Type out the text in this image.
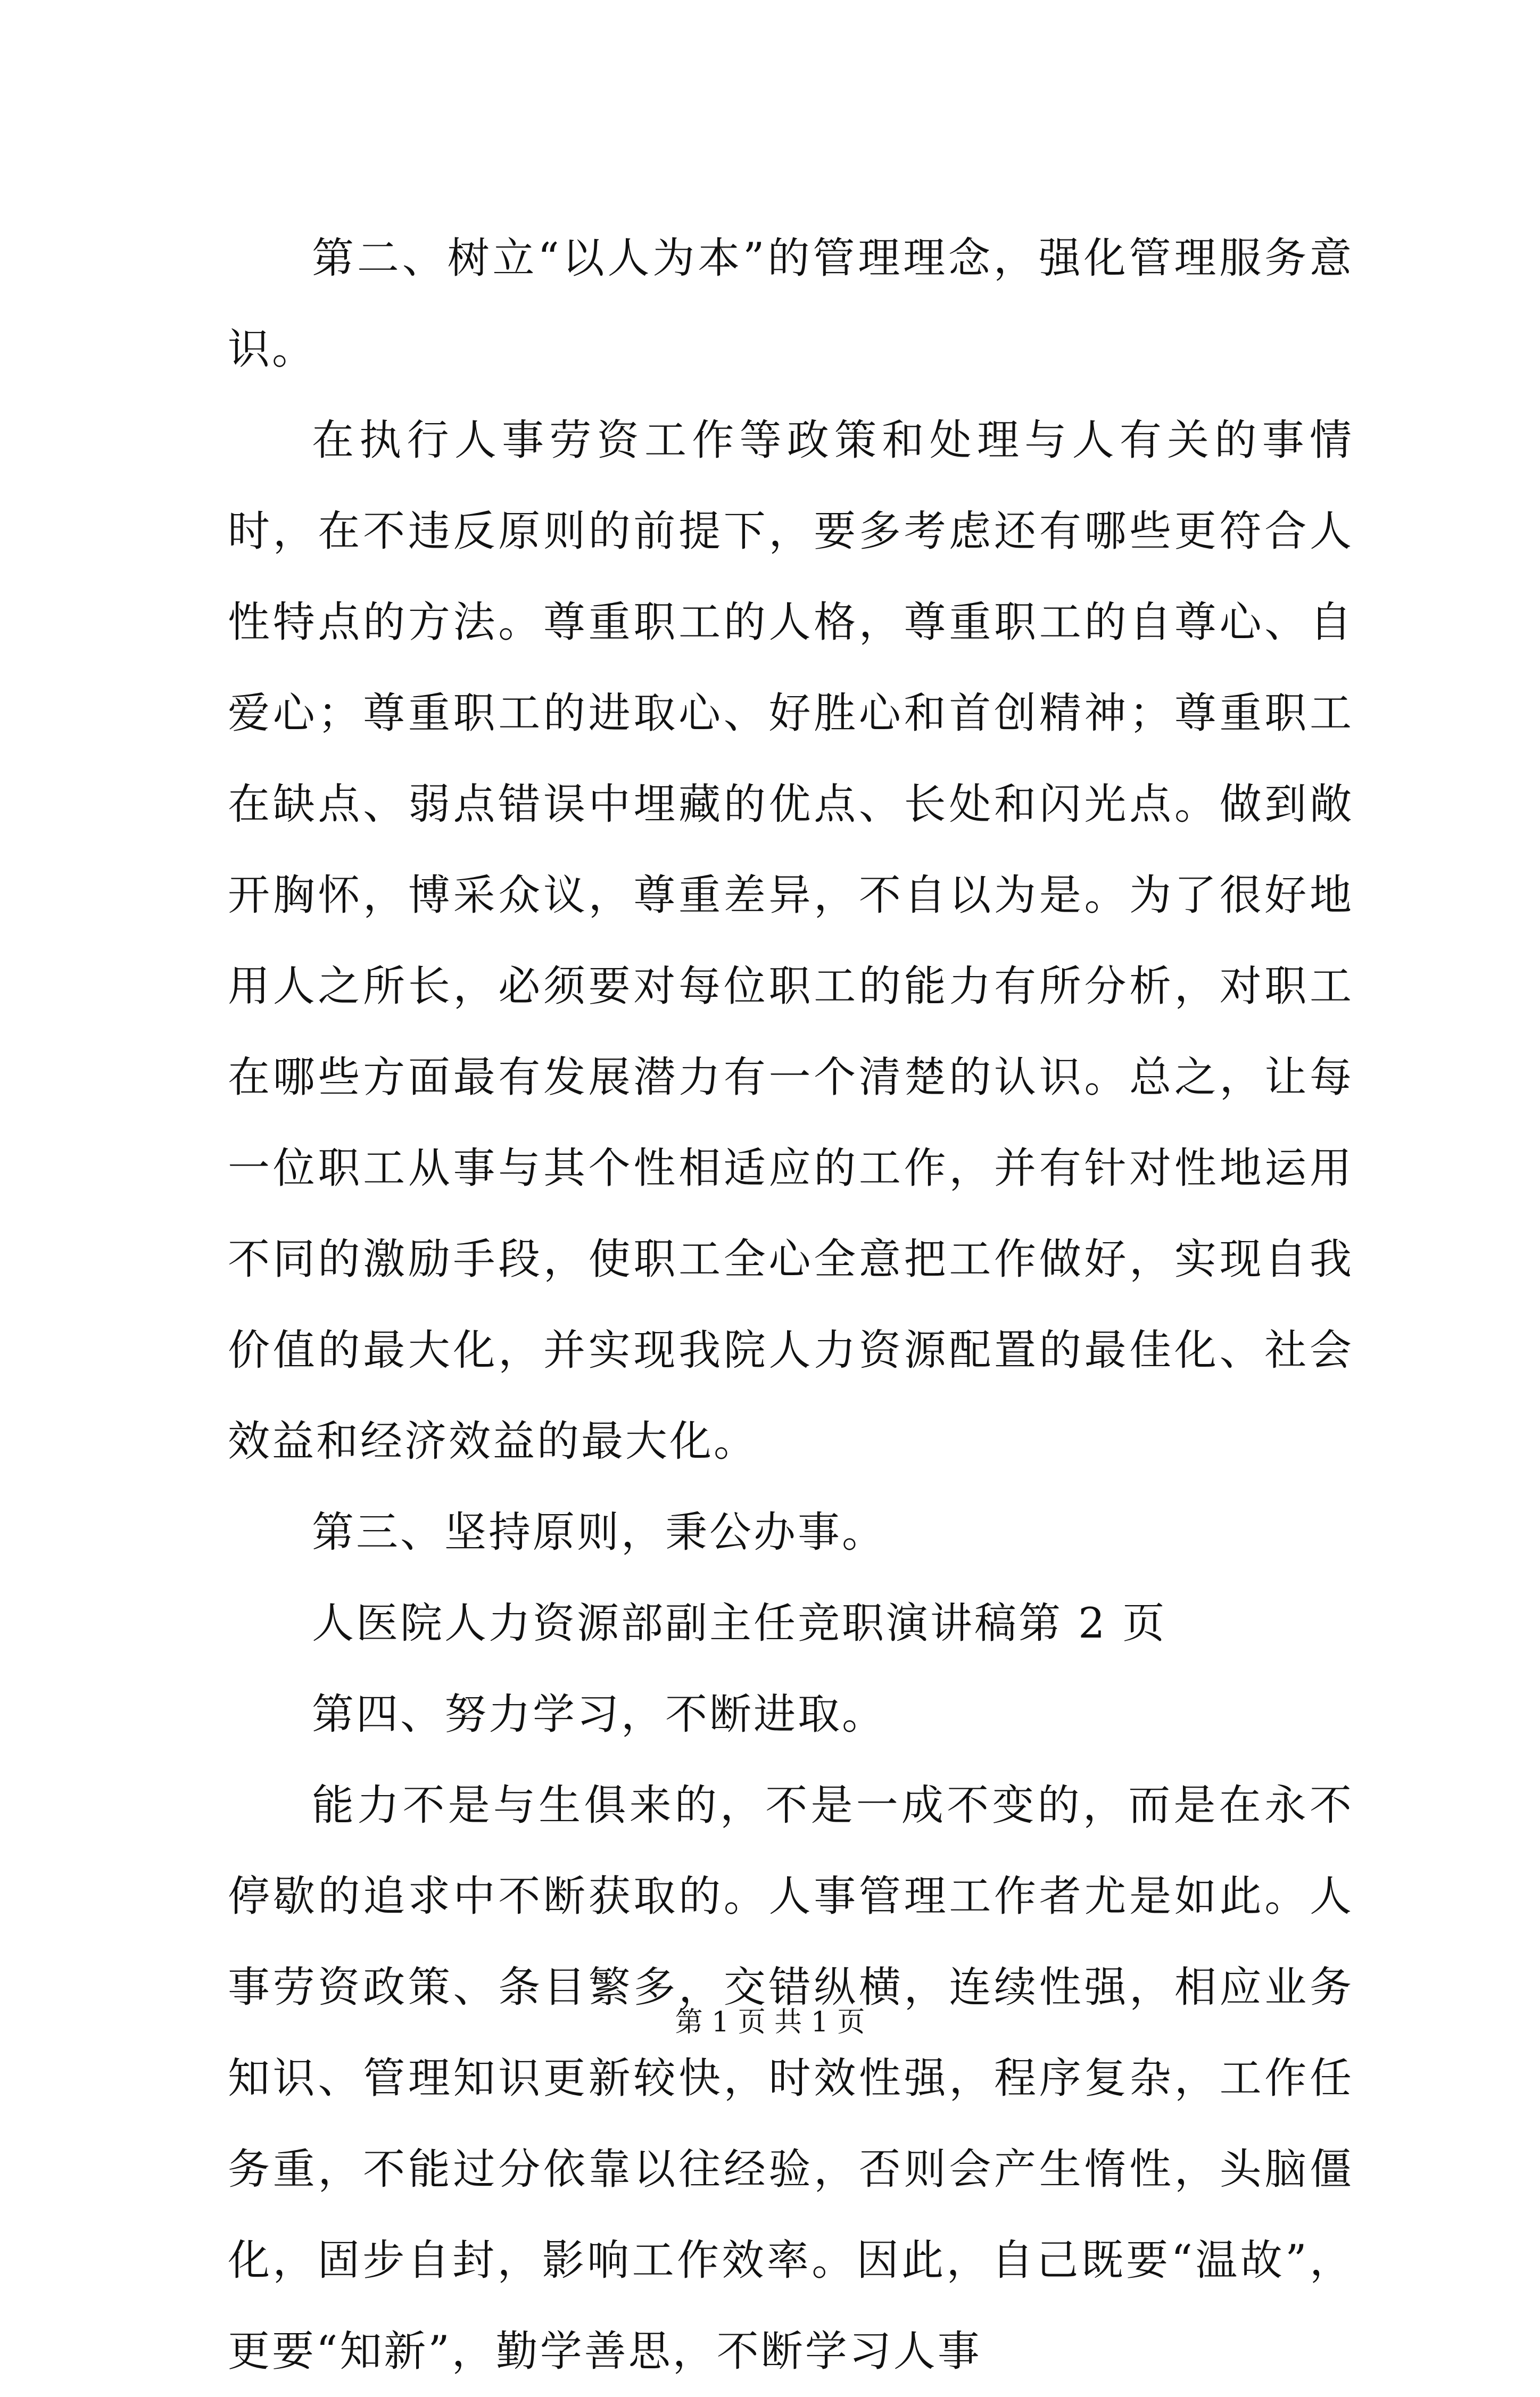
第二、树立“以人为本”的管理理念，强化管理服务意识。

在执行人事劳资工作等政策和处理与人有关的事情时，在不违反原则的前提下，要多考虑还有哪些更符合人性特点的方法。尊重职工的人格，尊重职工的自尊心、自爱心；尊重职工的进取心、好胜心和首创精神；尊重职工在缺点、弱点错误中埋藏的优点、长处和闪光点。做到敞开胸怀，博采众议，尊重差异，不自以为是。为了很好地用人之所长，必须要对每位职工的能力有所分析，对职工在哪些方面最有发展潜力有一个清楚的认识。总之，让每一位职工从事与其个性相适应的工作，并有针对性地运用不同的激励手段，使职工全心全意把工作做好，实现自我价值的最大化，并实现我院人力资源配置的最佳化、社会效益和经济效益的最大化。

第三、坚持原则，秉公办事。

人医院人力资源部副主任竞职演讲稿第 2 页

第四、努力学习，不断进取。

能力不是与生俱来的，不是一成不变的，而是在永不停歇的追求中不断获取的。人事管理工作者尤是如此。人事劳资政策、条目繁多，交错纵横，连续性强，相应业务知识、管理知识更新较快，时效性强，程序复杂，工作任务重，不能过分依靠以往经验，否则会产生惰性，头脑僵化，固步自封，影响工作效率。因此，自己既要“温故”，更要“知新”，勤学善思，不断学习人事

第 1 页 共 1 页
